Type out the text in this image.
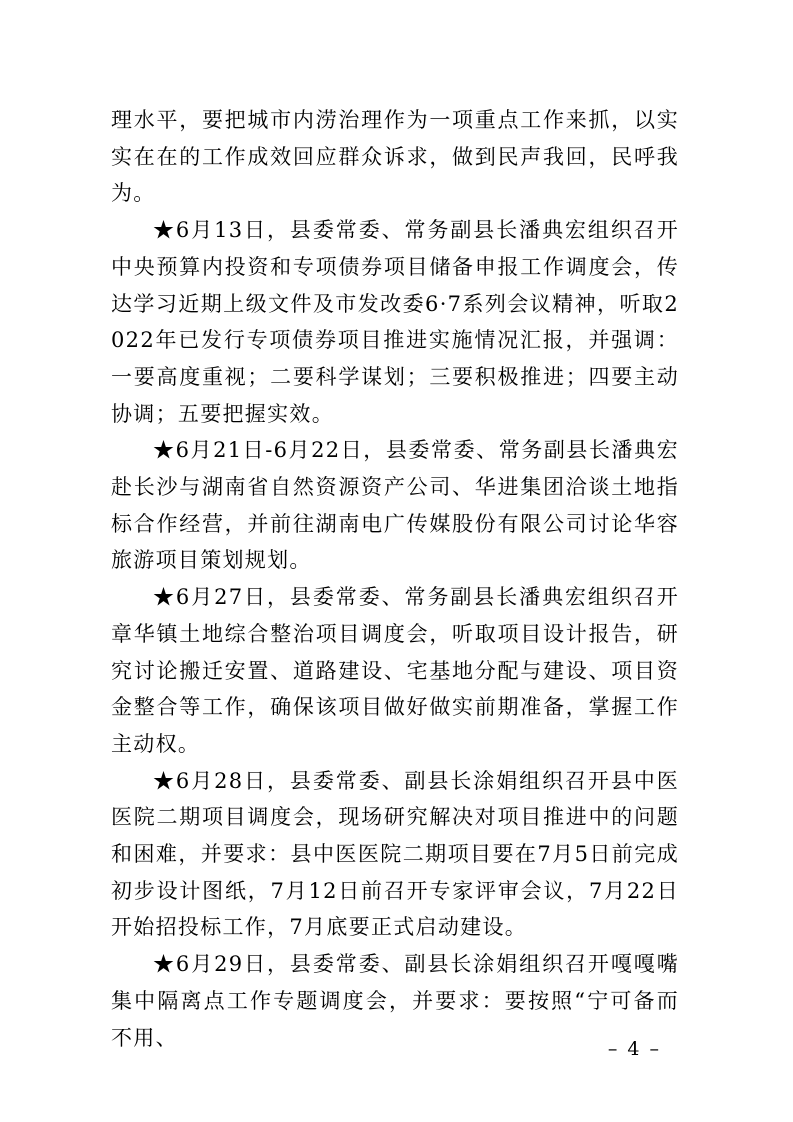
理水平，要把城市内涝治理作为一项重点工作来抓，以实实在在的工作成效回应群众诉求，做到民声我回，民呼我为。

★6月13日，县委常委、常务副县长潘典宏组织召开中央预算内投资和专项债券项目储备申报工作调度会，传达学习近期上级文件及市发改委6·7系列会议精神，听取2022年已发行专项债券项目推进实施情况汇报，并强调：一要高度重视；二要科学谋划；三要积极推进；四要主动协调；五要把握实效。

★6月21日-6月22日，县委常委、常务副县长潘典宏赴长沙与湖南省自然资源资产公司、华进集团洽谈土地指标合作经营，并前往湖南电广传媒股份有限公司讨论华容旅游项目策划规划。

★6月27日，县委常委、常务副县长潘典宏组织召开章华镇土地综合整治项目调度会，听取项目设计报告，研究讨论搬迁安置、道路建设、宅基地分配与建设、项目资金整合等工作，确保该项目做好做实前期准备，掌握工作主动权。

★6月28日，县委常委、副县长涂娟组织召开县中医医院二期项目调度会，现场研究解决对项目推进中的问题和困难，并要求：县中医医院二期项目要在7月5日前完成初步设计图纸，7月12日前召开专家评审会议，7月22日开始招投标工作，7月底要正式启动建设。

★6月29日，县委常委、副县长涂娟组织召开嘎嘎嘴集中隔离点工作专题调度会，并要求：要按照“宁可备而不用、	– 4 –
